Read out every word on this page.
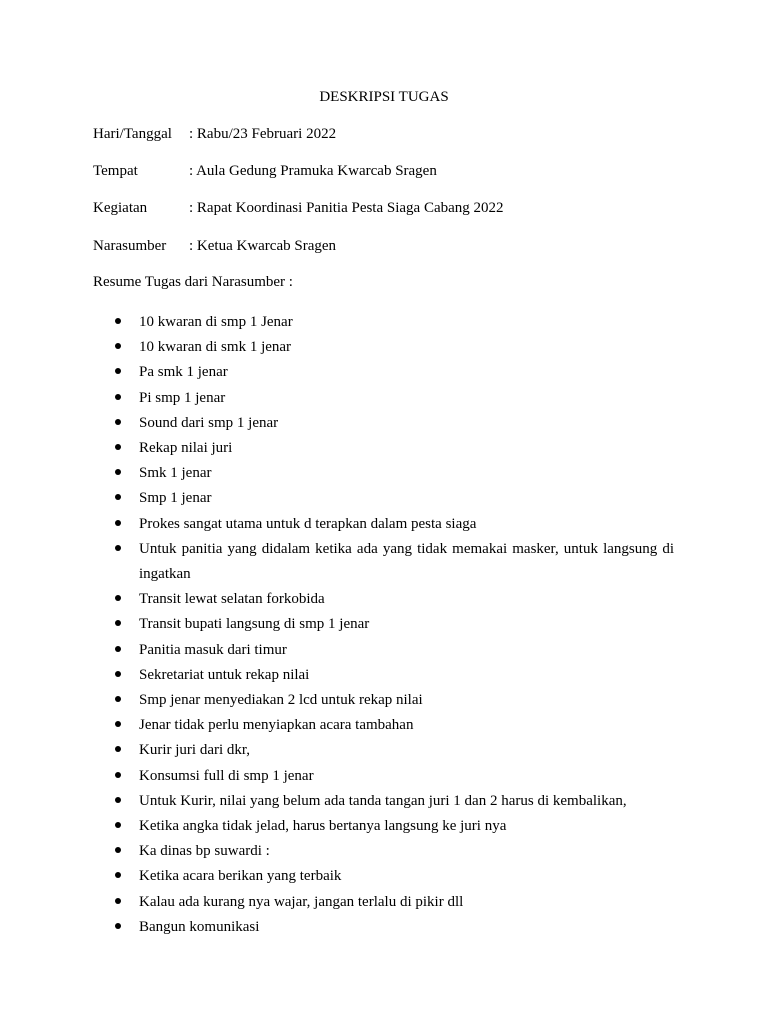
DESKRIPSI TUGAS
Hari/Tanggal : Rabu/23 Februari 2022
Tempat	: Aula Gedung Pramuka Kwarcab Sragen
Kegiatan	: Rapat Koordinasi Panitia Pesta Siaga Cabang 2022
Narasumber : Ketua Kwarcab Sragen
Resume Tugas dari Narasumber :
10 kwaran di smp 1 Jenar
10 kwaran di smk 1 jenar
Pa smk 1 jenar
Pi smp 1 jenar
Sound dari smp 1 jenar
Rekap nilai juri
Smk 1 jenar
Smp 1 jenar
Prokes sangat utama untuk d terapkan dalam pesta siaga
Untuk panitia yang didalam ketika ada yang tidak memakai masker, untuk langsung di ingatkan
Transit lewat selatan forkobida
Transit bupati langsung di smp 1 jenar
Panitia masuk dari timur
Sekretariat untuk rekap nilai
Smp jenar menyediakan 2 lcd untuk rekap nilai
Jenar tidak perlu menyiapkan acara tambahan
Kurir juri dari dkr,
Konsumsi full di smp 1 jenar
Untuk Kurir, nilai yang belum ada tanda tangan juri 1 dan 2 harus di kembalikan,
Ketika angka tidak jelad, harus bertanya langsung ke juri nya
Ka dinas bp suwardi :
Ketika acara berikan yang terbaik
Kalau ada kurang nya wajar, jangan terlalu di pikir dll
Bangun komunikasi
